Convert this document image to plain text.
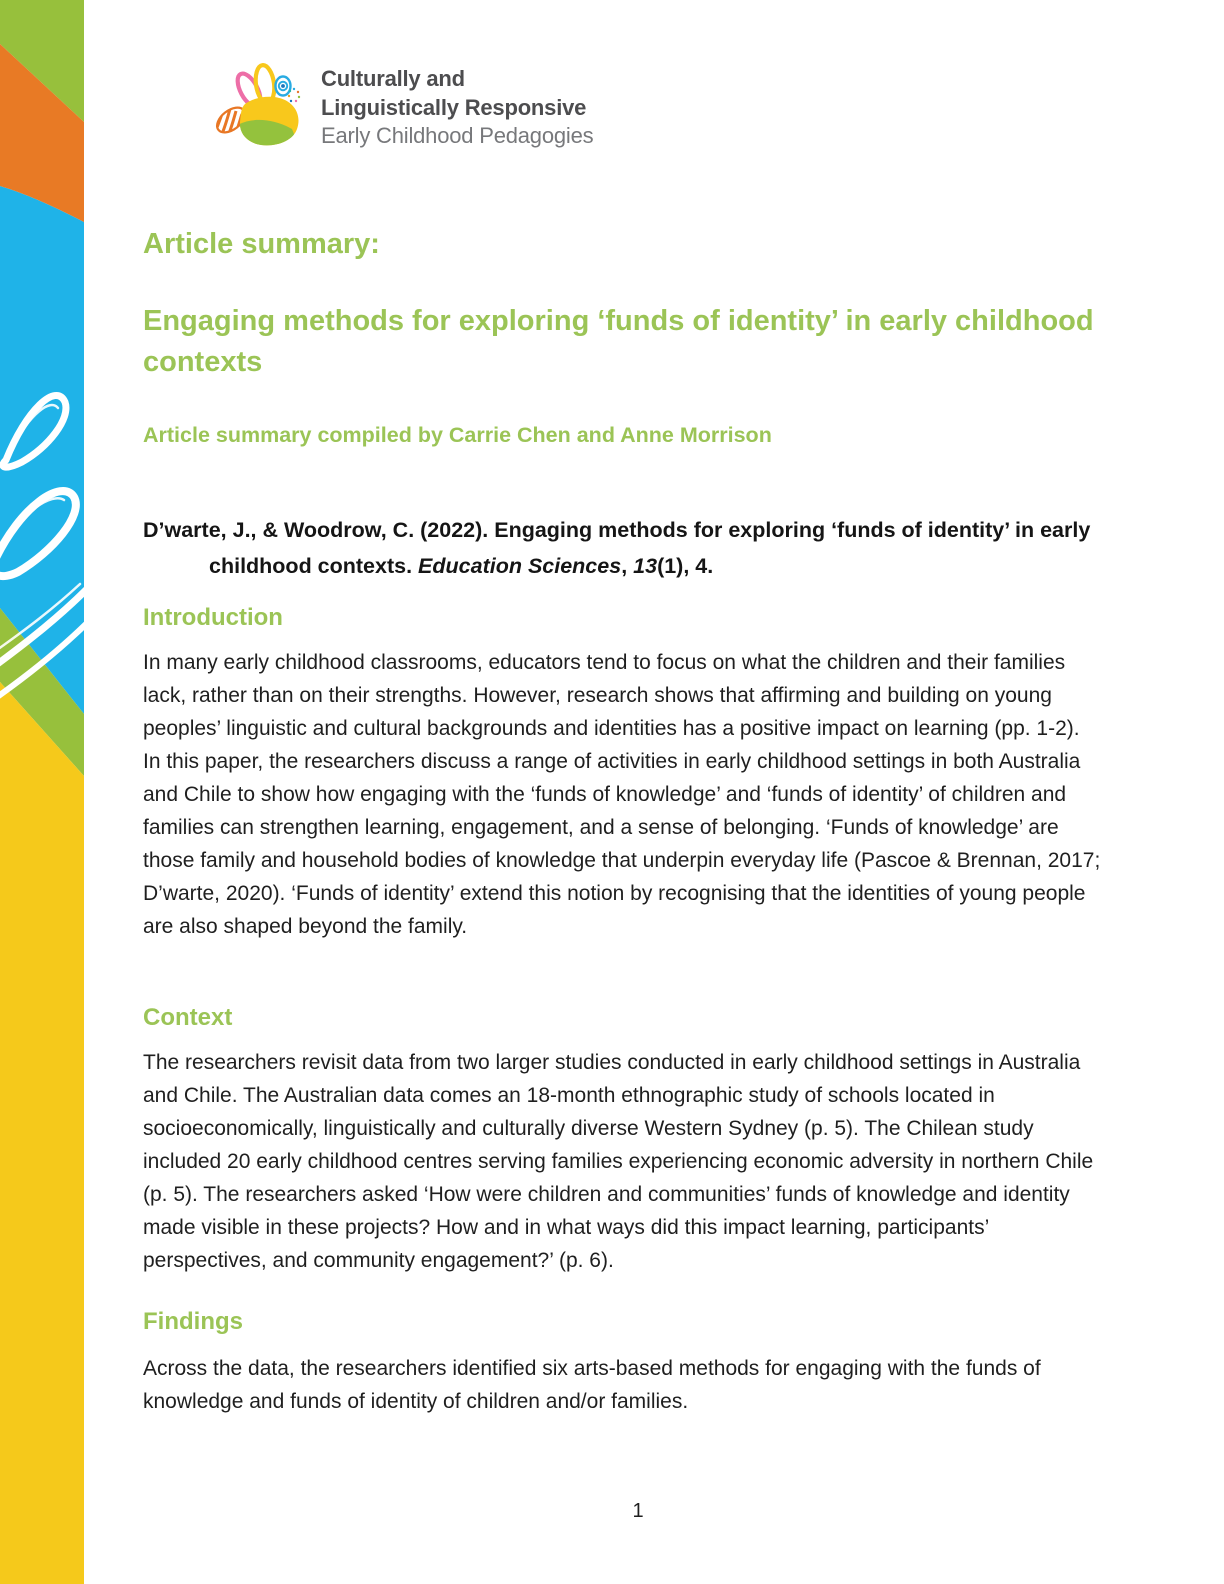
Culturally and
Linguistically Responsive
Early Childhood Pedagogies
Article summary:
Engaging methods for exploring ‘funds of identity’ in early childhood contexts
Article summary compiled by Carrie Chen and Anne Morrison
D’warte, J., & Woodrow, C. (2022). Engaging methods for exploring ‘funds of identity’ in early childhood contexts. Education Sciences, 13(1), 4.
Introduction
In many early childhood classrooms, educators tend to focus on what the children and their families lack, rather than on their strengths. However, research shows that affirming and building on young peoples’ linguistic and cultural backgrounds and identities has a positive impact on learning (pp. 1-2). In this paper, the researchers discuss a range of activities in early childhood settings in both Australia and Chile to show how engaging with the ‘funds of knowledge’ and ‘funds of identity’ of children and families can strengthen learning, engagement, and a sense of belonging. ‘Funds of knowledge’ are those family and household bodies of knowledge that underpin everyday life (Pascoe & Brennan, 2017; D’warte, 2020). ‘Funds of identity’ extend this notion by recognising that the identities of young people are also shaped beyond the family.
Context
The researchers revisit data from two larger studies conducted in early childhood settings in Australia and Chile. The Australian data comes an 18-month ethnographic study of schools located in socioeconomically, linguistically and culturally diverse Western Sydney (p. 5). The Chilean study included 20 early childhood centres serving families experiencing economic adversity in northern Chile (p. 5). The researchers asked ‘How were children and communities’ funds of knowledge and identity made visible in these projects? How and in what ways did this impact learning, participants’ perspectives, and community engagement?’ (p. 6).
Findings
Across the data, the researchers identified six arts-based methods for engaging with the funds of knowledge and funds of identity of children and/or families.
1
